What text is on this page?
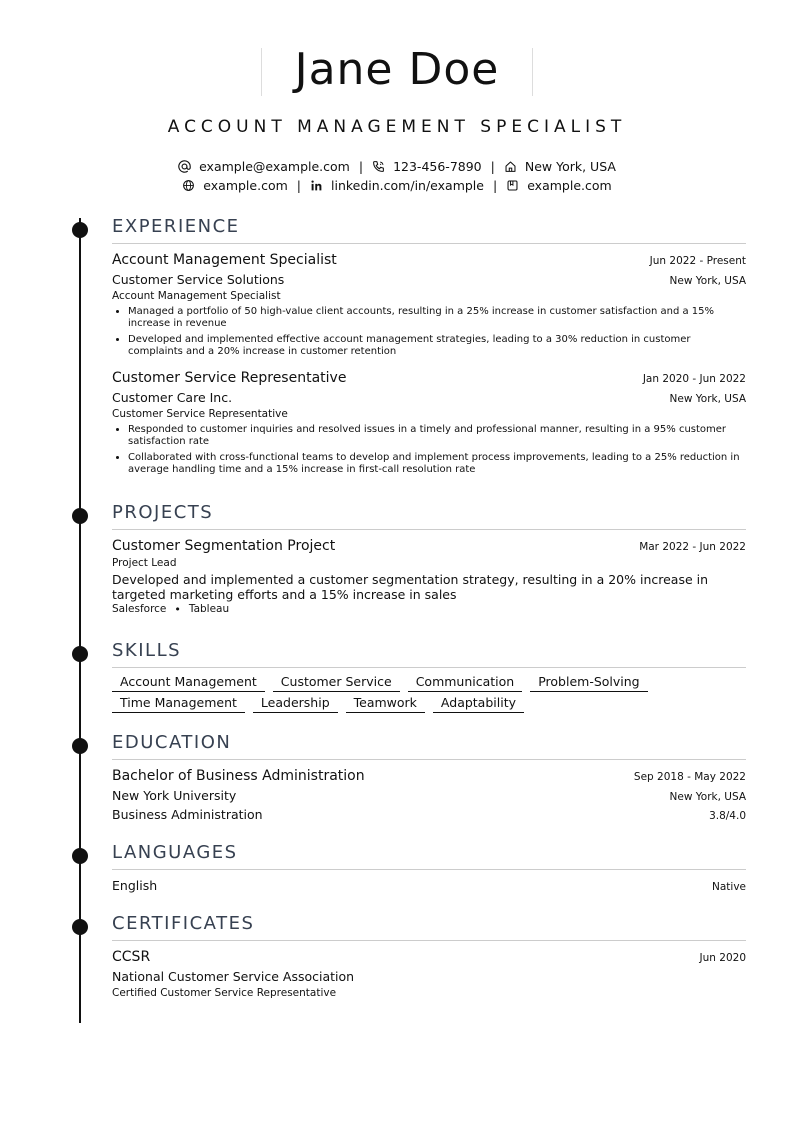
Jane Doe
ACCOUNT MANAGEMENT SPECIALIST
example@example.com | 123-456-7890 | New York, USA
example.com | linkedin.com/in/example | example.com
EXPERIENCE
Account Management Specialist	Jun 2022 - Present
Customer Service Solutions	New York, USA
Account Management Specialist
• Managed a portfolio of 50 high-value client accounts, resulting in a 25% increase in customer satisfaction and a 15% increase in revenue
• Developed and implemented effective account management strategies, leading to a 30% reduction in customer complaints and a 20% increase in customer retention
Customer Service Representative	Jan 2020 - Jun 2022
Customer Care Inc.	New York, USA
Customer Service Representative
• Responded to customer inquiries and resolved issues in a timely and professional manner, resulting in a 95% customer satisfaction rate
• Collaborated with cross-functional teams to develop and implement process improvements, leading to a 25% reduction in average handling time and a 15% increase in first-call resolution rate
PROJECTS
Customer Segmentation Project	Mar 2022 - Jun 2022
Project Lead
Developed and implemented a customer segmentation strategy, resulting in a 20% increase in targeted marketing efforts and a 15% increase in sales
Salesforce • Tableau
SKILLS
Account Management	Customer Service	Communication	Problem-Solving
Time Management	Leadership	Teamwork	Adaptability
EDUCATION
Bachelor of Business Administration	Sep 2018 - May 2022
New York University	New York, USA
Business Administration	3.8/4.0
LANGUAGES
English	Native
CERTIFICATES
CCSR	Jun 2020
National Customer Service Association
Certified Customer Service Representative
